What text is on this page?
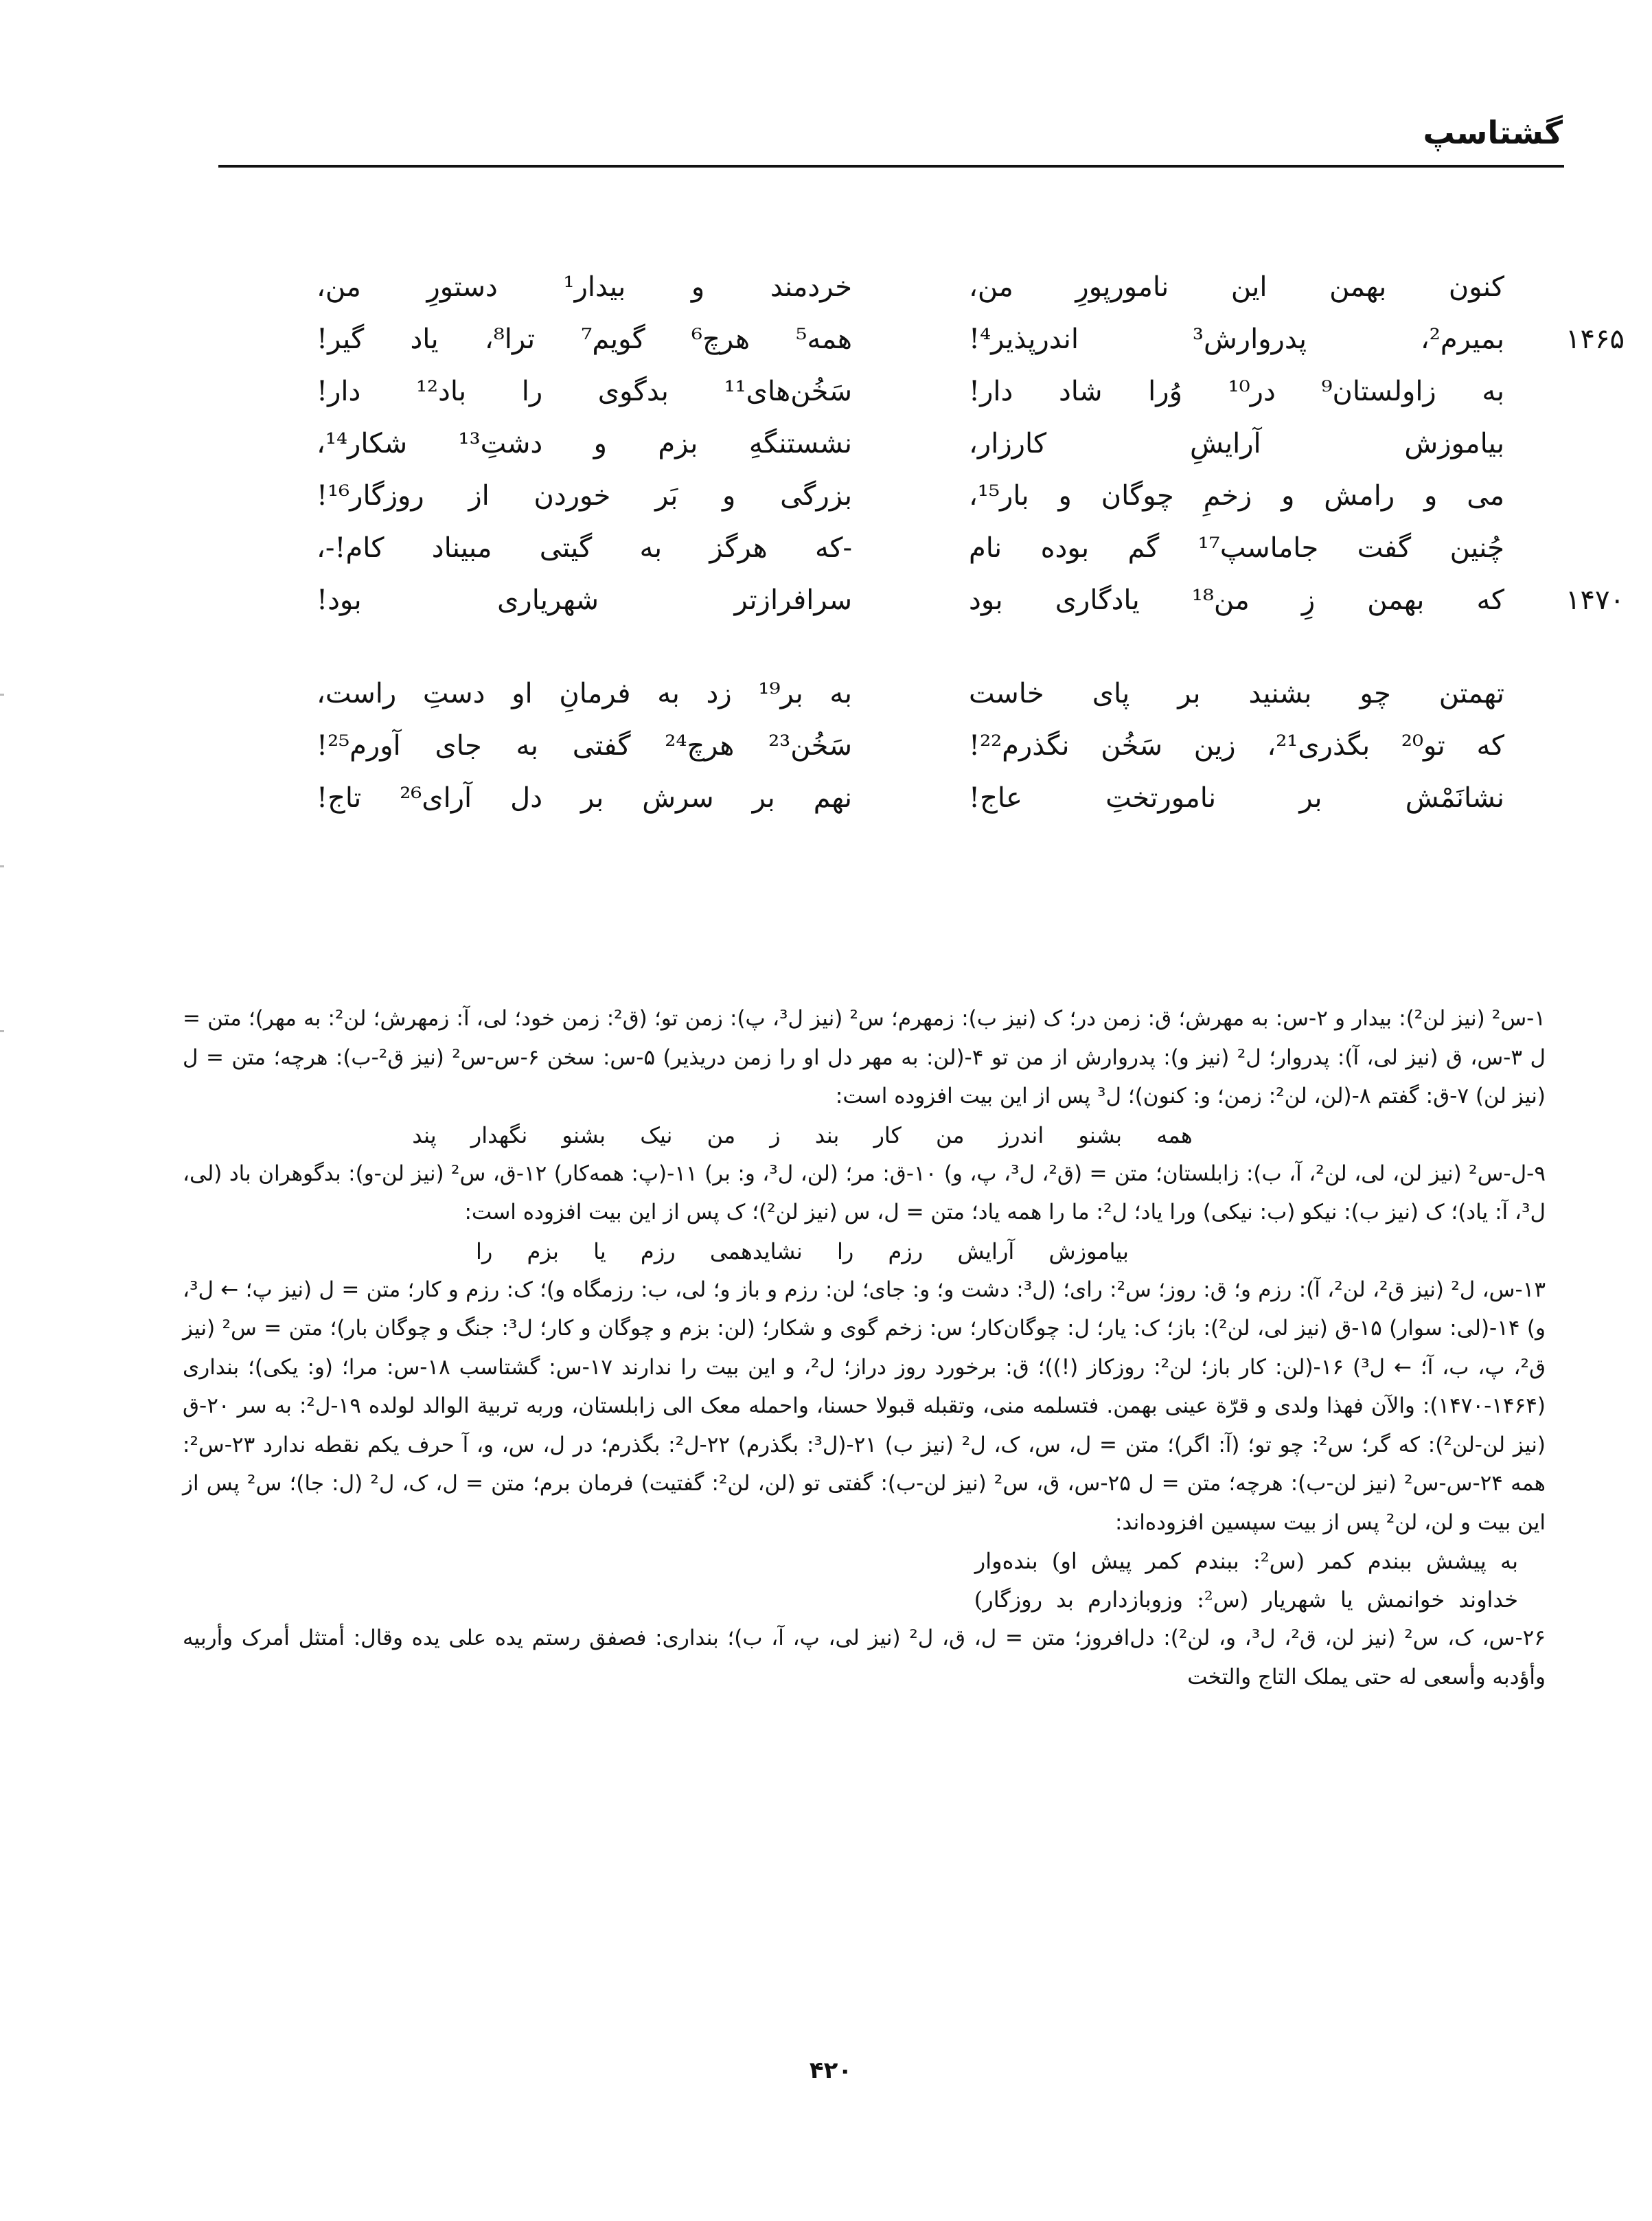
گشتاسپ
کنون بهمن این نامورپورِ من،
خردمند و بیدار¹ دستورِ من،
۱۴۶۵
بمیرم²، پدروارش³ اندرپذیر⁴!
همه⁵ هرچ⁶ گویم⁷ ترا⁸، یاد گیر!
به زاولستان⁹ در¹⁰ وُرا شاد دار!
سَخُن‌های¹¹ بدگوی را باد¹² دار!
بیاموزش آرایشِ کارزار،
نشستنگهِ بزم و دشتِ¹³ شکار¹⁴،
می و رامش و زخمِ چوگان و بار¹⁵،
بزرگی و بَر خوردن از روزگار¹⁶!
چُنین گفت جاماسپ¹⁷ گم بوده نام
-که هرگز به گیتی مبیناد کام!-،
۱۴۷۰
که بهمن زِ من¹⁸ یادگاری بود
سرافرازتر شهریاری بود!
تهمتن چو بشنید بر پای خاست
به بر¹⁹ زد به فرمانِ او دستِ راست،
که تو²⁰ بگذری²¹، زین سَخُن نگذرم²²!
سَخُن²³ هرچ²⁴ گفتی به جای آورم²⁵!
نشانَمْش بر نامورتختِ عاج!
نهم بر سرش بر دل آرای²⁶ تاج!

۱-س² (نیز لن²): بیدار و ۲-س: به مهرش؛ ق: زمن در؛ ک (نیز ب): زمهرم؛ س² (نیز ل³، پ): زمن تو؛ (ق²: زمن خود؛ لی، آ: زمهرش؛ لن²: به مهر)؛ متن = ل ۳-س، ق (نیز لی، آ): پدروار؛ ل² (نیز و): پدروارش از من تو ۴-(لن: به مهر دل او را زمن دریذیر) ۵-س: سخن ۶-س-س² (نیز ق²-ب): هرچه؛ متن = ل (نیز لن) ۷-ق: گفتم ۸-(لن، لن²: زمن؛ و: کنون)؛ ل³ پس از این بیت افزوده است:

همه بشنو اندرز من کار بند ز من نیک بشنو نگهدار پند

۹-ل-س² (نیز لن، لی، لن²، آ، ب): زابلستان؛ متن = (ق²، ل³، پ، و) ۱۰-ق: مر؛ (لن، ل³، و: بر) ۱۱-(پ: همه‌کار) ۱۲-ق، س² (نیز لن-و): بدگوهران باد (لی، ل³، آ: یاد)؛ ک (نیز ب): نیکو (ب: نیکی) ورا یاد؛ ل²: ما را همه یاد؛ متن = ل، س (نیز لن²)؛ ک پس از این بیت افزوده است:

بیاموزش آرایش رزم را نشایدهمی رزم یا بزم را

۱۳-س، ل² (نیز ق²، لن²، آ): رزم و؛ ق: روز؛ س²: رای؛ (ل³: دشت و؛ و: جای؛ لن: رزم و باز و؛ لی، ب: رزمگاه و)؛ ک: رزم و کار؛ متن = ل (نیز پ؛ ← ل³، و) ۱۴-(لی: سوار) ۱۵-ق (نیز لی، لن²): باز؛ ک: یار؛ ل: چوگان‌کار؛ س: زخم گوی و شکار؛ (لن: بزم و چوگان و کار؛ ل³: جنگ و چوگان بار)؛ متن = س² (نیز ق²، پ، ب، آ؛ ← ل³) ۱۶-(لن: کار باز؛ لن²: روزکاز (!))؛ ق: برخورد روز دراز؛ ل²، و این بیت را ندارند ۱۷-س: گشتاسب ۱۸-س: مرا؛ (و: یکی)؛ بنداری (۱۴۶۴-۱۴۷۰): والآن فهذا ولدی و قرّة عینی بهمن. فتسلمه منی، وتقبله قبولا حسنا، واحمله معک الی زابلستان، وربه تربیة الوالد لولده ۱۹-ل²: به سر ۲۰-ق (نیز لن-لن²): که گر؛ س²: چو تو؛ (آ: اگر)؛ متن = ل، س، ک، ل² (نیز ب) ۲۱-(ل³: بگذرم) ۲۲-ل²: بگذرم؛ در ل، س، و، آ حرف یکم نقطه ندارد ۲۳-س²: همه ۲۴-س-س² (نیز لن-ب): هرچه؛ متن = ل ۲۵-س، ق، س² (نیز لن-ب): گفتی تو (لن، لن²: گفتیت) فرمان برم؛ متن = ل، ک، ل² (ل: جا)؛ س² پس از این بیت و لن، لن² پس از بیت سپسین افزوده‌اند:

به پیشش ببندم کمر (س²: ببندم کمر پیش او) بنده‌وار

خداوند خوانمش یا شهریار (س²: وزوبازدارم بد روزگار)

۲۶-س، ک، س² (نیز لن، ق²، ل³، و، لن²): دل‌افروز؛ متن = ل، ق، ل² (نیز لی، پ، آ، ب)؛ بنداری: فصفق رستم یده علی یده وقال: أمتثل أمرک وأربیه وأؤدبه وأسعی له حتی یملک التاج والتخت

۴۲۰
